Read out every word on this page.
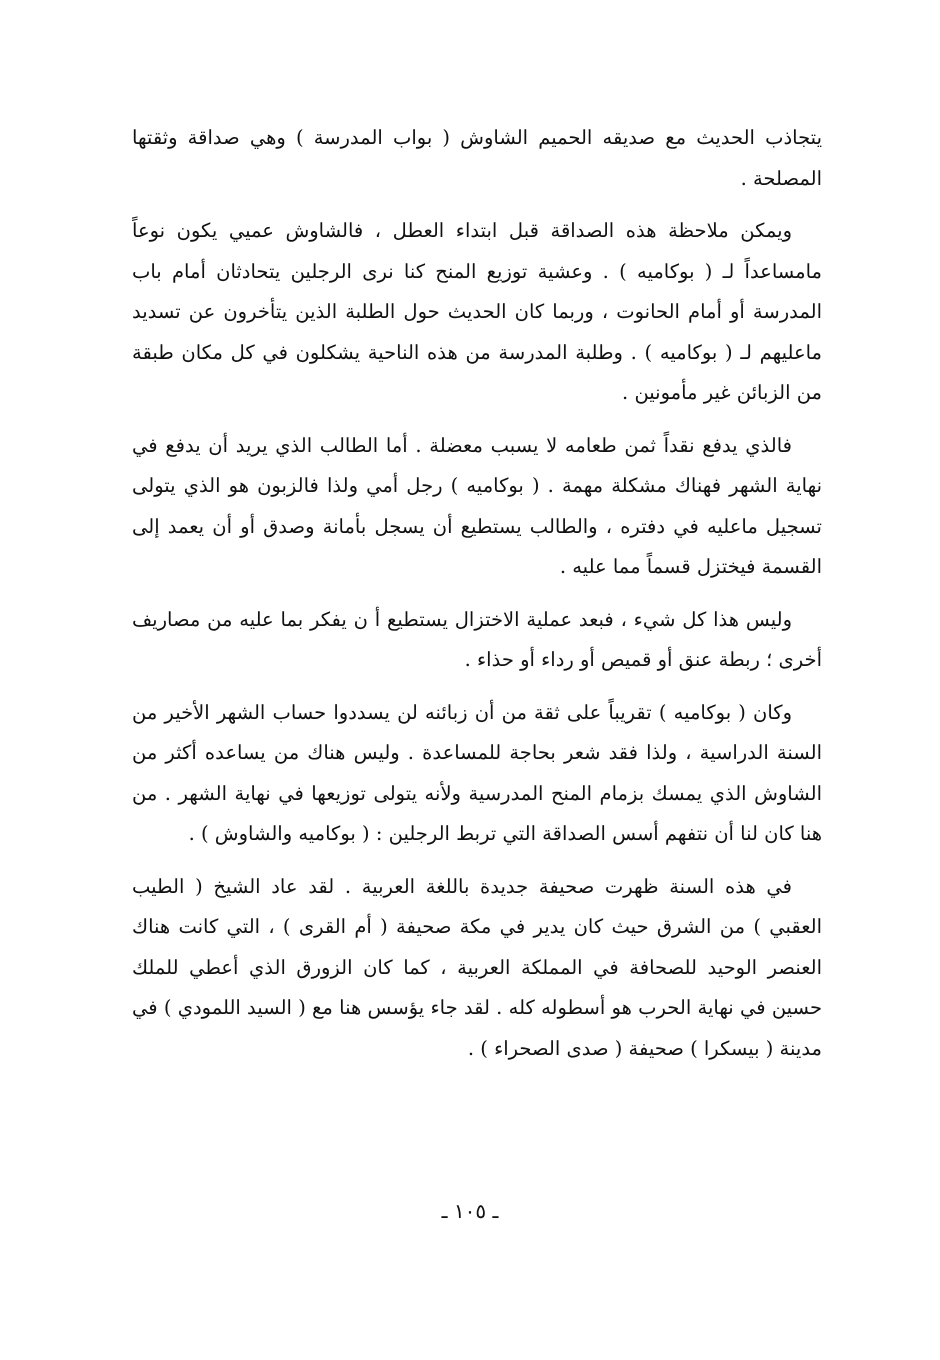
يتجاذب الحديث مع صديقه الحميم الشاوش ( بواب المدرسة ) وهي صداقة وثقتها المصلحة .

ويمكن ملاحظة هذه الصداقة قبل ابتداء العطل ، فالشاوش عميي يكون نوعاً مامساعداً لـ ( بوكاميه ) . وعشية توزيع المنح كنا نرى الرجلين يتحادثان أمام باب المدرسة أو أمام الحانوت ، وربما كان الحديث حول الطلبة الذين يتأخرون عن تسديد ماعليهم لـ ( بوكاميه ) . وطلبة المدرسة من هذه الناحية يشكلون في كل مكان طبقة من الزبائن غير مأمونين .

فالذي يدفع نقداً ثمن طعامه لا يسبب معضلة . أما الطالب الذي يريد أن يدفع في نهاية الشهر فهناك مشكلة مهمة . ( بوكاميه ) رجل أمي ولذا فالزبون هو الذي يتولى تسجيل ماعليه في دفتره ، والطالب يستطيع أن يسجل بأمانة وصدق أو أن يعمد إلى القسمة فيختزل قسماً مما عليه .

وليس هذا كل شيء ، فبعد عملية الاختزال يستطيع أ ن يفكر بما عليه من مصاريف أخرى ؛ ربطة عنق أو قميص أو رداء أو حذاء .

وكان ( بوكاميه ) تقريباً على ثقة من أن زبائنه لن يسددوا حساب الشهر الأخير من السنة الدراسية ، ولذا فقد شعر بحاجة للمساعدة . وليس هناك من يساعده أكثر من الشاوش الذي يمسك بزمام المنح المدرسية ولأنه يتولى توزيعها في نهاية الشهر . من هنا كان لنا أن نتفهم أسس الصداقة التي تربط الرجلين : ( بوكاميه والشاوش ) .

في هذه السنة ظهرت صحيفة جديدة باللغة العربية . لقد عاد الشيخ ( الطيب العقبي ) من الشرق حيث كان يدير في مكة صحيفة ( أم القرى ) ، التي كانت هناك العنصر الوحيد للصحافة في المملكة العربية ، كما كان الزورق الذي أعطي للملك حسين في نهاية الحرب هو أسطوله كله . لقد جاء يؤسس هنا مع ( السيد اللمودي ) في مدينة ( بيسكرا ) صحيفة ( صدى الصحراء ) .

ـ ١٠٥ ـ
